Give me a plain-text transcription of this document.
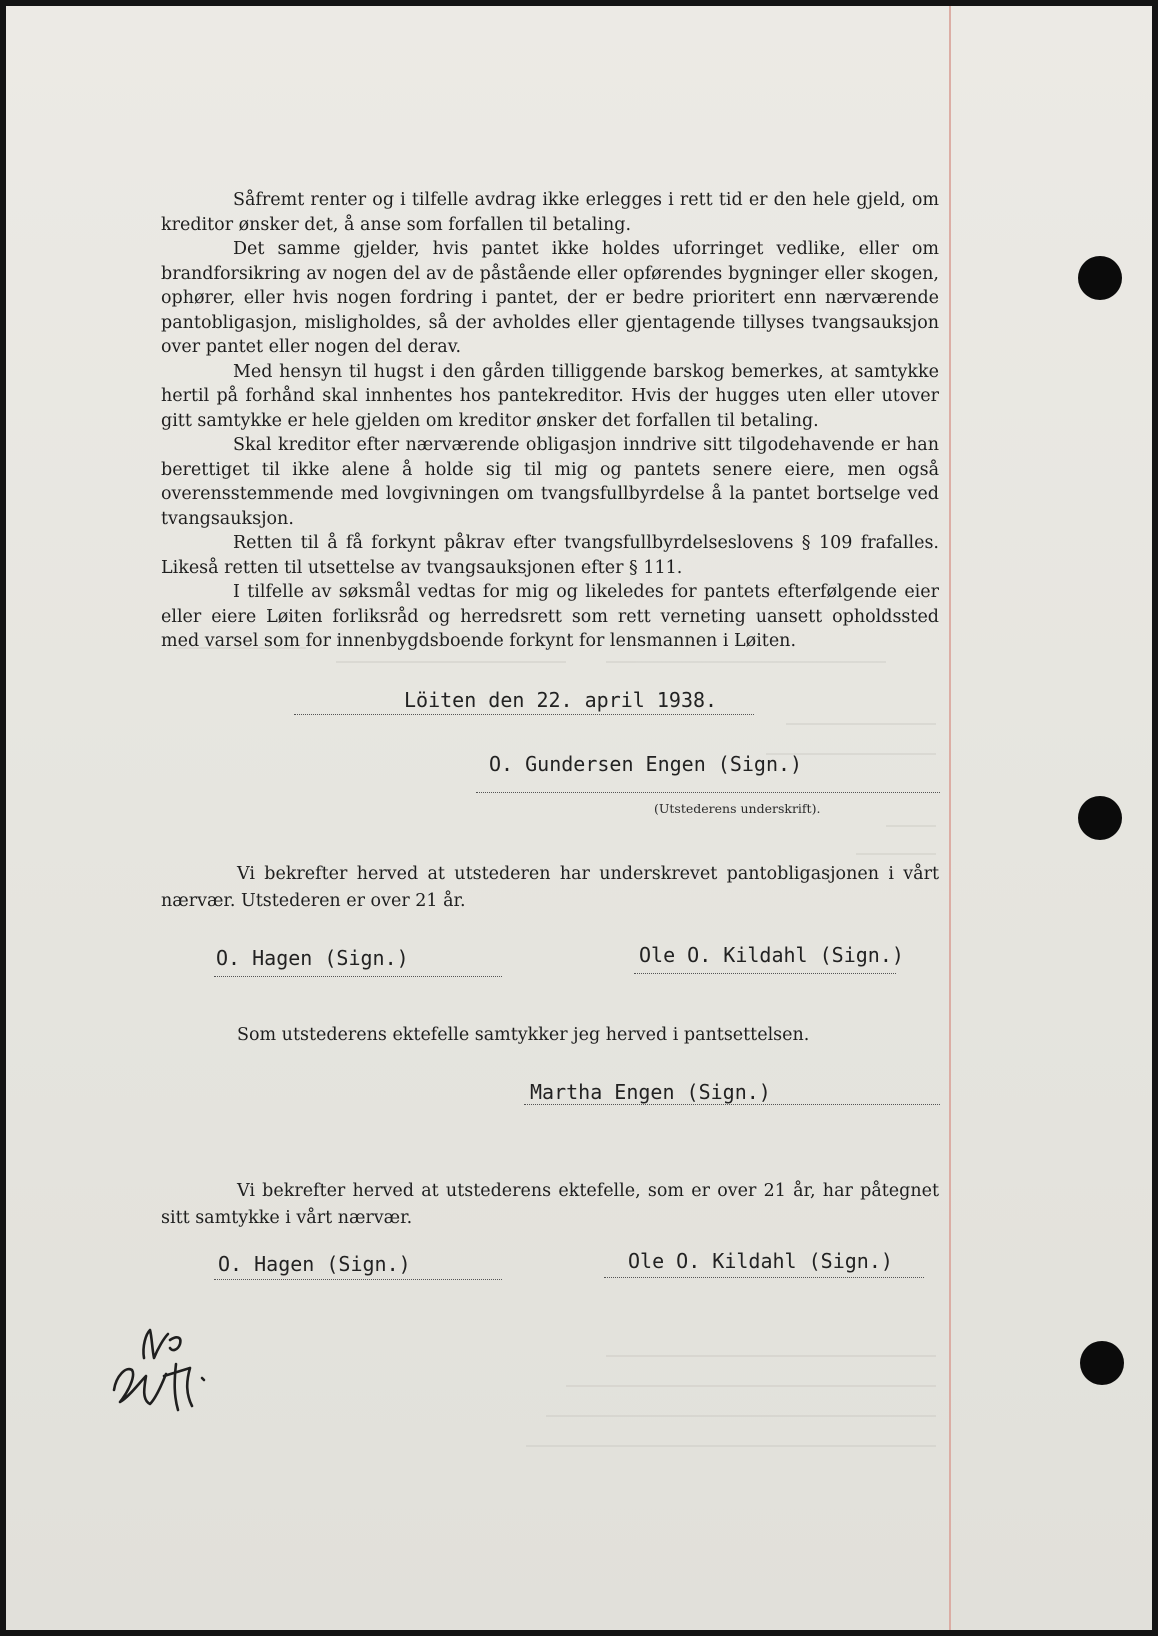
Såfremt renter og i tilfelle avdrag ikke erlegges i rett tid er den hele gjeld, om kreditor ønsker det, å anse som forfallen til betaling.

Det samme gjelder, hvis pantet ikke holdes uforringet vedlike, eller om brandforsikring av nogen del av de påstående eller opførendes bygninger eller skogen, ophører, eller hvis nogen fordring i pantet, der er bedre prioritert enn nærværende pantobligasjon, misligholdes, så der avholdes eller gjentagende tillyses tvangsauksjon over pantet eller nogen del derav.

Med hensyn til hugst i den gården tilliggende barskog bemerkes, at samtykke hertil på forhånd skal innhentes hos pantekreditor. Hvis der hugges uten eller utover gitt samtykke er hele gjelden om kreditor ønsker det forfallen til betaling.

Skal kreditor efter nærværende obligasjon inndrive sitt tilgodehavende er han berettiget til ikke alene å holde sig til mig og pantets senere eiere, men også overensstemmende med lovgivningen om tvangsfullbyrdelse å la pantet bortselge ved tvangsauksjon.

Retten til å få forkynt påkrav efter tvangsfullbyrdelseslovens § 109 frafalles. Likeså retten til utsettelse av tvangsauksjonen efter § 111.

I tilfelle av søksmål vedtas for mig og likeledes for pantets efterfølgende eier eller eiere Løiten forliksråd og herredsrett som rett verneting uansett opholdssted med varsel som for innenbygdsboende forkynt for lensmannen i Løiten.

Löiten den 22. april 1938.
O. Gundersen Engen (Sign.)
(Utstederens underskrift).

Vi bekrefter herved at utstederen har underskrevet pantobligasjonen i vårt nærvær. Utstederen er over 21 år.

O. Hagen (Sign.)	Ole O. Kildahl (Sign.)

Som utstederens ektefelle samtykker jeg herved i pantsettelsen.

Martha Engen (Sign.)

Vi bekrefter herved at utstederens ektefelle, som er over 21 år, har påtegnet sitt samtykke i vårt nærvær.

O. Hagen (Sign.)	Ole O. Kildahl (Sign.)
